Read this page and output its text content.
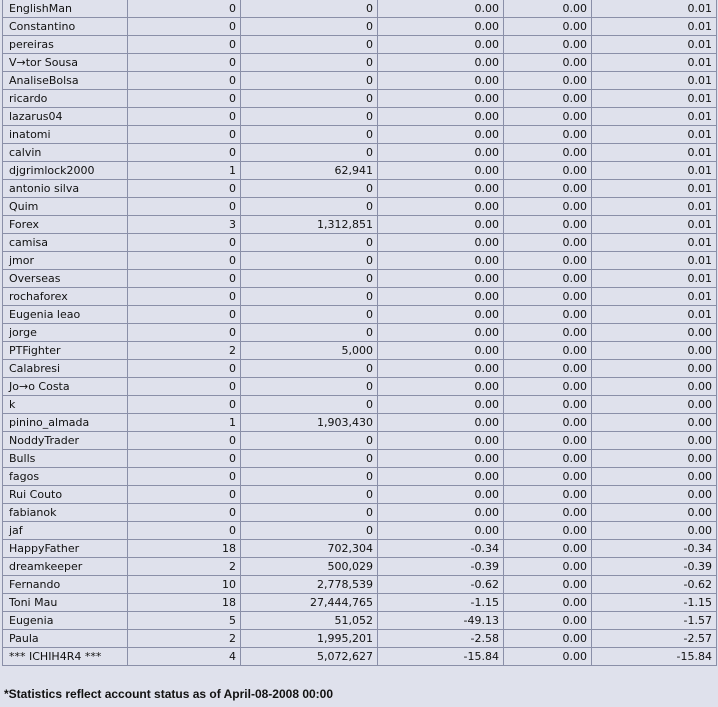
EnglishMan	0	0	0.00	0.00	0.01
Constantino	0	0	0.00	0.00	0.01
pereiras	0	0	0.00	0.00	0.01
V→tor Sousa	0	0	0.00	0.00	0.01
AnaliseBolsa	0	0	0.00	0.00	0.01
ricardo	0	0	0.00	0.00	0.01
lazarus04	0	0	0.00	0.00	0.01
inatomi	0	0	0.00	0.00	0.01
calvin	0	0	0.00	0.00	0.01
djgrimlock2000	1	62,941	0.00	0.00	0.01
antonio silva	0	0	0.00	0.00	0.01
Quim	0	0	0.00	0.00	0.01
Forex	3	1,312,851	0.00	0.00	0.01
camisa	0	0	0.00	0.00	0.01
jmor	0	0	0.00	0.00	0.01
Overseas	0	0	0.00	0.00	0.01
rochaforex	0	0	0.00	0.00	0.01
Eugenia leao	0	0	0.00	0.00	0.01
jorge	0	0	0.00	0.00	0.00
PTFighter	2	5,000	0.00	0.00	0.00
Calabresi	0	0	0.00	0.00	0.00
Jo→o Costa	0	0	0.00	0.00	0.00
k	0	0	0.00	0.00	0.00
pinino_almada	1	1,903,430	0.00	0.00	0.00
NoddyTrader	0	0	0.00	0.00	0.00
Bulls	0	0	0.00	0.00	0.00
fagos	0	0	0.00	0.00	0.00
Rui Couto	0	0	0.00	0.00	0.00
fabianok	0	0	0.00	0.00	0.00
jaf	0	0	0.00	0.00	0.00
HappyFather	18	702,304	-0.34	0.00	-0.34
dreamkeeper	2	500,029	-0.39	0.00	-0.39
Fernando	10	2,778,539	-0.62	0.00	-0.62
Toni Mau	18	27,444,765	-1.15	0.00	-1.15
Eugenia	5	51,052	-49.13	0.00	-1.57
Paula	2	1,995,201	-2.58	0.00	-2.57
*** ICHIH4R4 ***	4	5,072,627	-15.84	0.00	-15.84
*Statistics reflect account status as of April-08-2008 00:00
